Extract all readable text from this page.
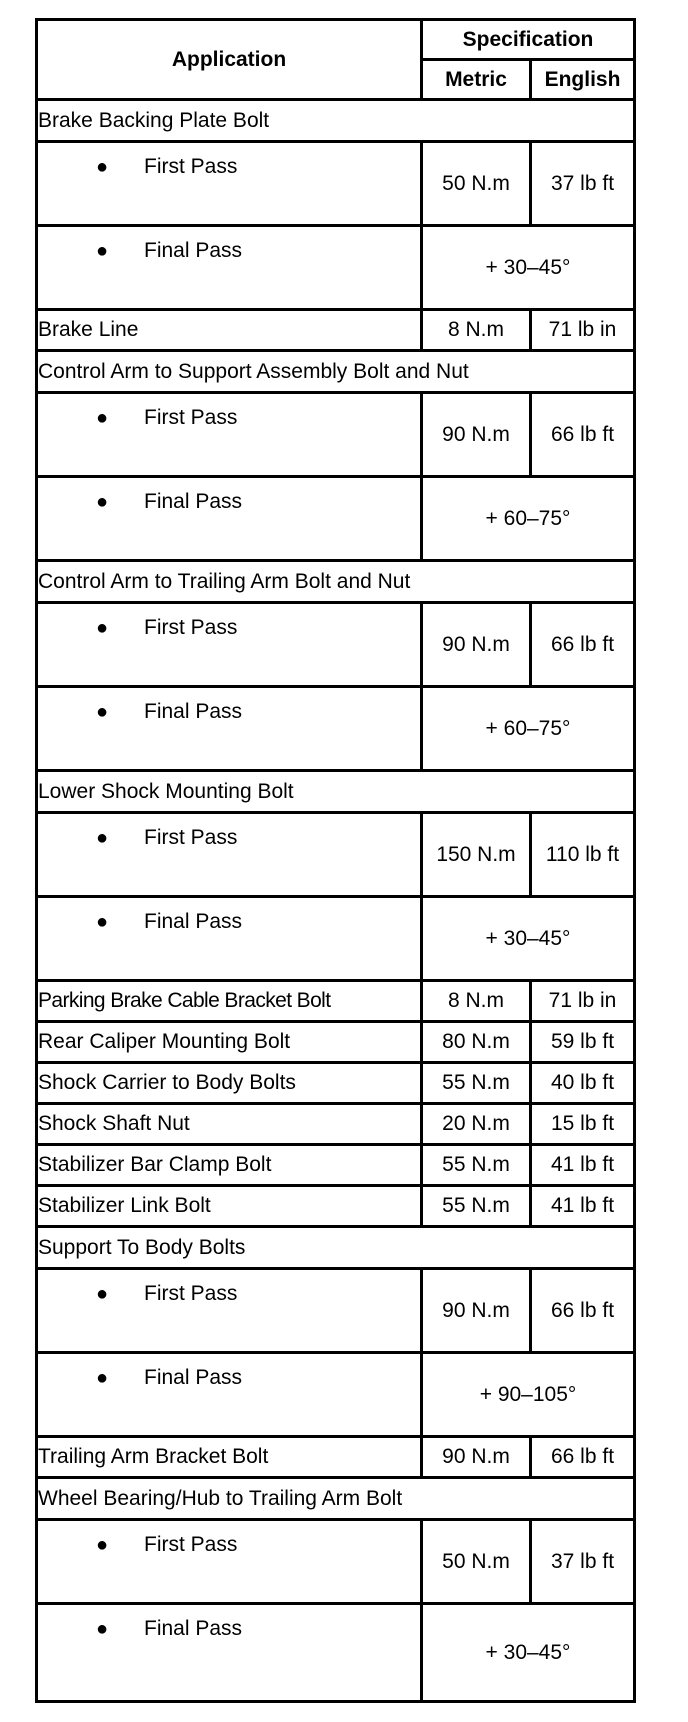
Application	Specification	
	Metric	English
Brake Backing Plate Bolt		

● First Pass	50 N.m	37 lb ft

● Final Pass	+ 30–45°	
Brake Line	8 N.m	71 lb in
Control Arm to Support Assembly Bolt and Nut		

● First Pass	90 N.m	66 lb ft

● Final Pass	+ 60–75°	
Control Arm to Trailing Arm Bolt and Nut		

● First Pass	90 N.m	66 lb ft

● Final Pass	+ 60–75°	
Lower Shock Mounting Bolt		

● First Pass	150 N.m	110 lb ft

● Final Pass	+ 30–45°	
Parking Brake Cable Bracket Bolt	8 N.m	71 lb in
Rear Caliper Mounting Bolt	80 N.m	59 lb ft
Shock Carrier to Body Bolts	55 N.m	40 lb ft
Shock Shaft Nut	20 N.m	15 lb ft
Stabilizer Bar Clamp Bolt	55 N.m	41 lb ft
Stabilizer Link Bolt	55 N.m	41 lb ft
Support To Body Bolts		

● First Pass	90 N.m	66 lb ft

● Final Pass	+ 90–105°	
Trailing Arm Bracket Bolt	90 N.m	66 lb ft
Wheel Bearing/Hub to Trailing Arm Bolt		

● First Pass	50 N.m	37 lb ft

● Final Pass	+ 30–45°	
